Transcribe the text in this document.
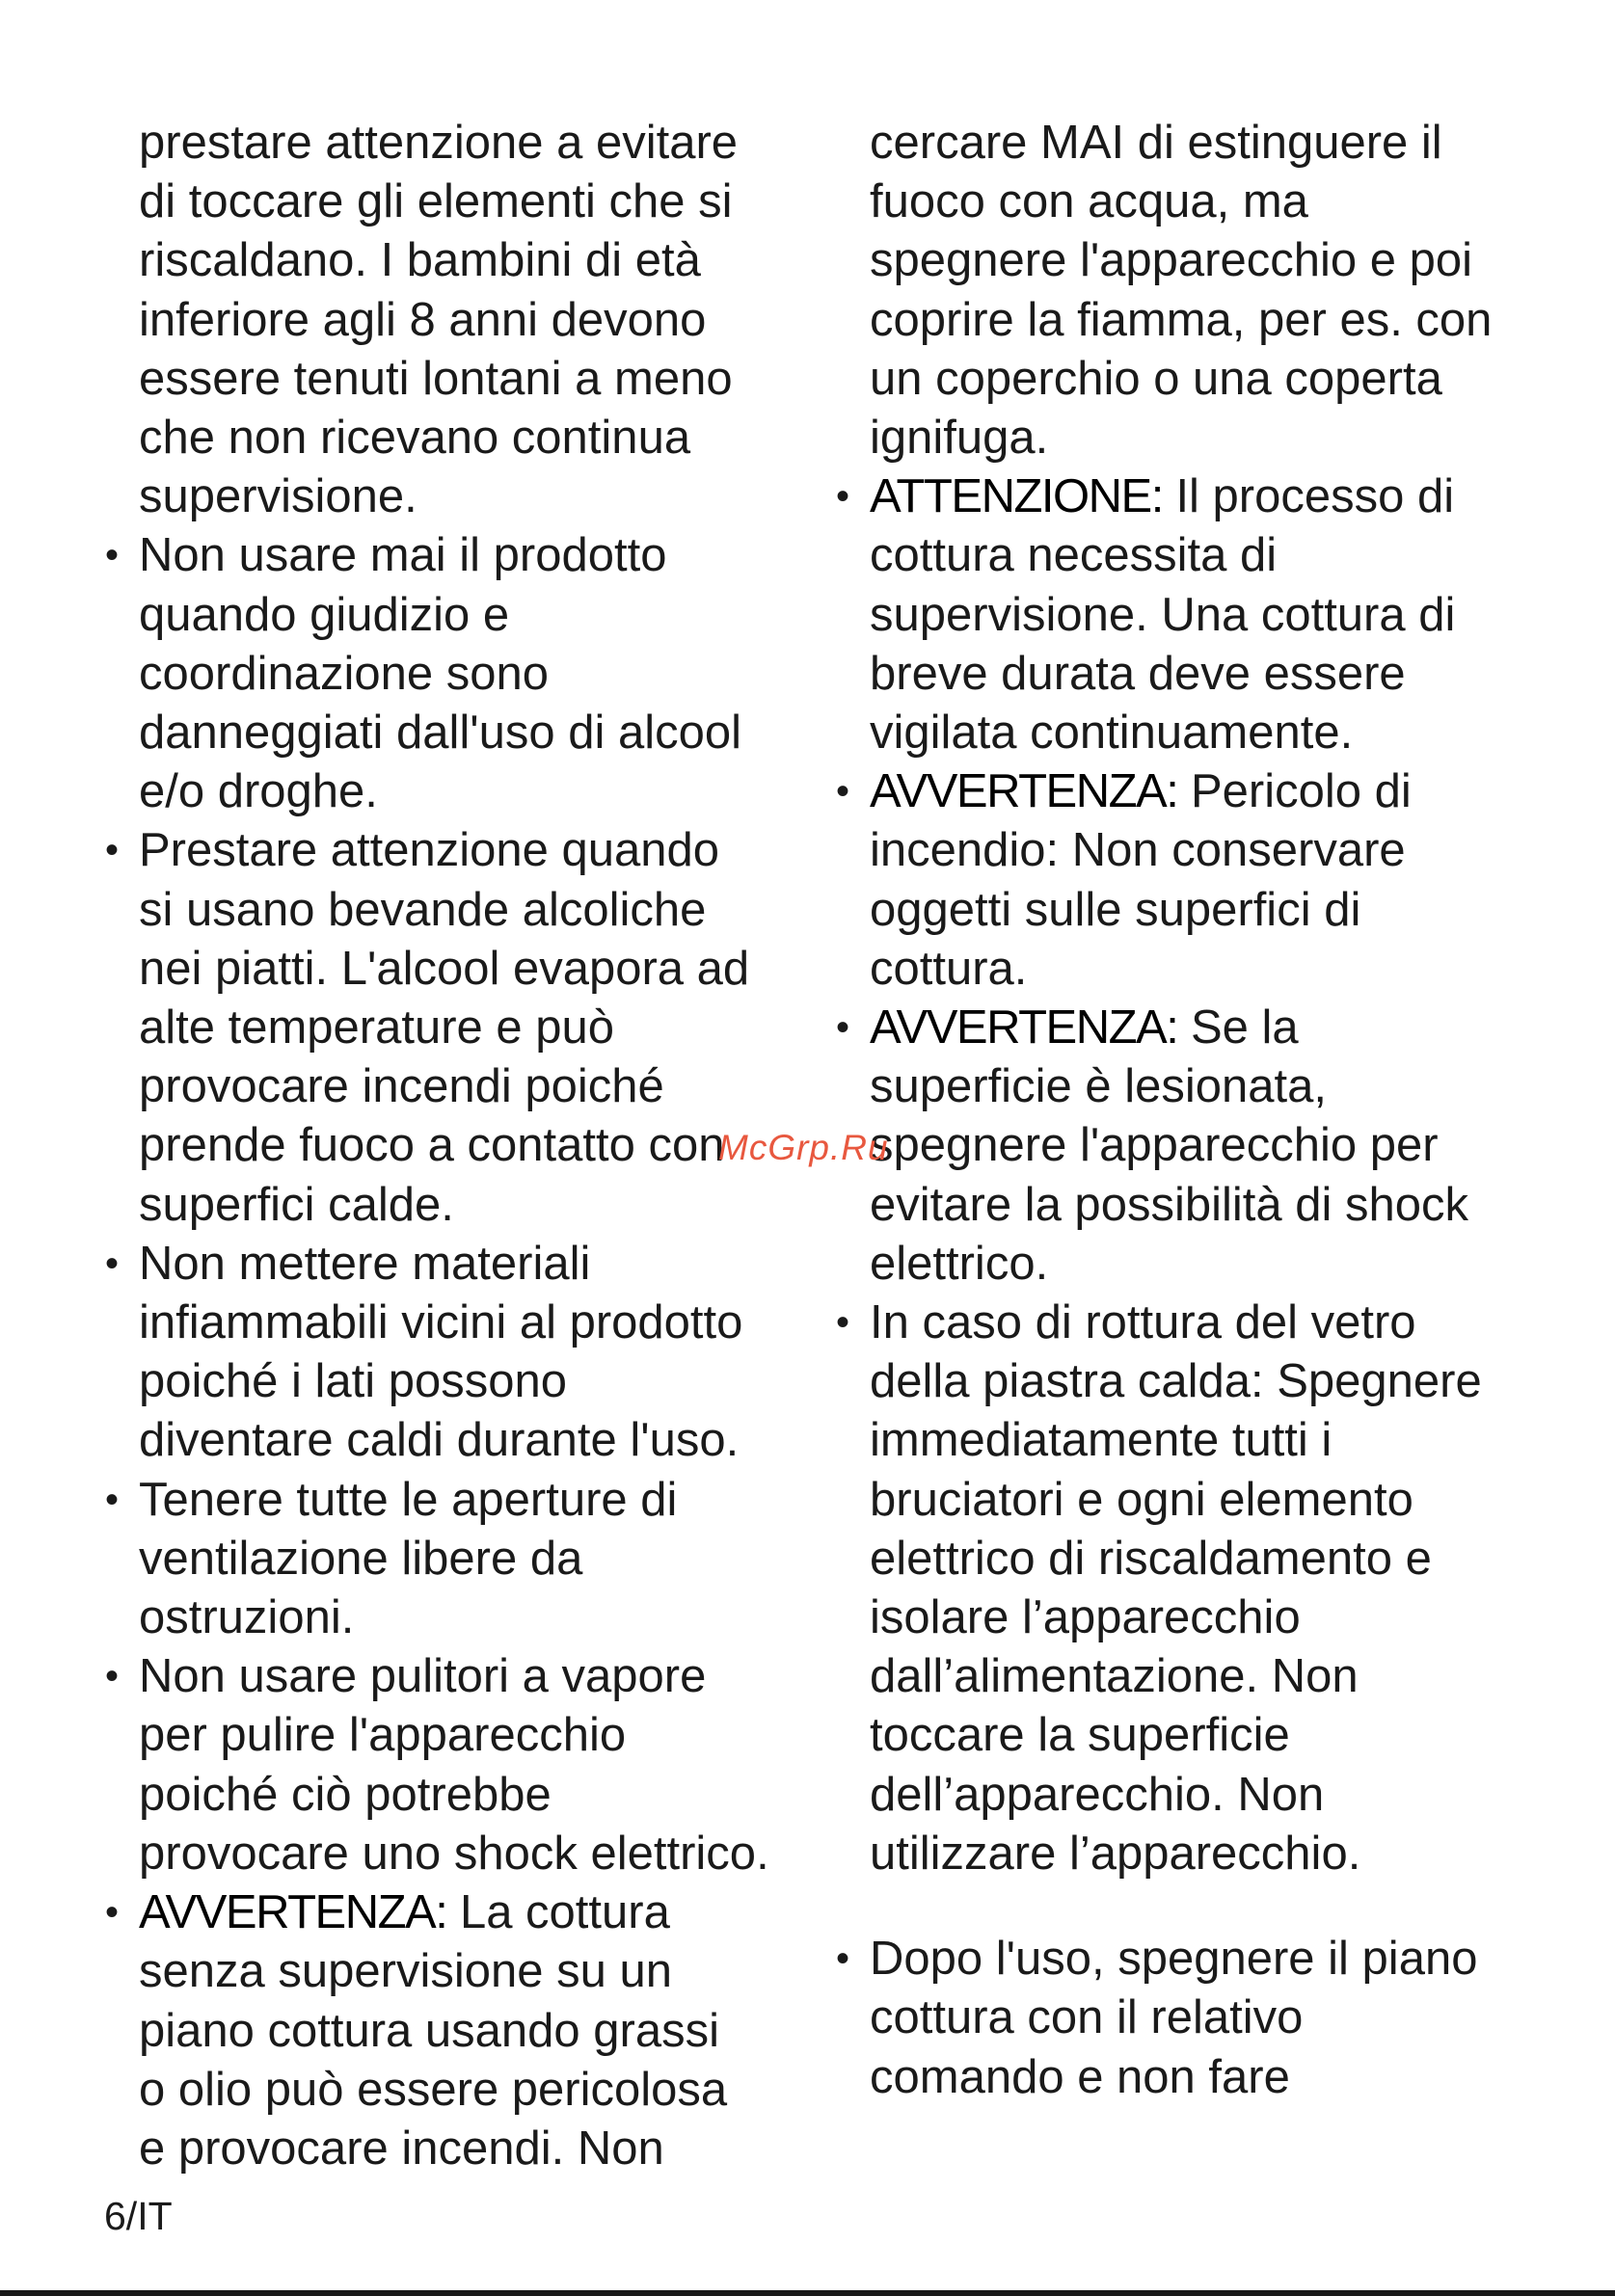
prestare attenzione a evitare
di toccare gli elementi che si
riscaldano. I bambini di età
inferiore agli 8 anni devono
essere tenuti lontani a meno
che non ricevano continua
supervisione.

• Non usare mai il prodotto
quando giudizio e
coordinazione sono
danneggiati dall'uso di alcool
e/o droghe.
• Prestare attenzione quando
si usano bevande alcoliche
nei piatti. L'alcool evapora ad
alte temperature e può
provocare incendi poiché
prende fuoco a contatto con
superfici calde.
• Non mettere materiali
infiammabili vicini al prodotto
poiché i lati possono
diventare caldi durante l'uso.
• Tenere tutte le aperture di
ventilazione libere da
ostruzioni.
• Non usare pulitori a vapore
per pulire l'apparecchio
poiché ciò potrebbe
provocare uno shock elettrico.
• AVVERTENZA: La cottura
senza supervisione su un
piano cottura usando grassi
o olio può essere pericolosa
e provocare incendi. Non

cercare MAI di estinguere il
fuoco con acqua, ma
spegnere l'apparecchio e poi
coprire la fiamma, per es. con
un coperchio o una coperta
ignifuga.

• ATTENZIONE: Il processo di
cottura necessita di
supervisione. Una cottura di
breve durata deve essere
vigilata continuamente.
• AVVERTENZA: Pericolo di
incendio: Non conservare
oggetti sulle superfici di
cottura.
• AVVERTENZA: Se la
superficie è lesionata,
spegnere l'apparecchio per
evitare la possibilità di shock
elettrico.
• In caso di rottura del vetro
della piastra calda: Spegnere
immediatamente tutti i
bruciatori e ogni elemento
elettrico di riscaldamento e
isolare l’apparecchio
dall’alimentazione. Non
toccare la superficie
dell’apparecchio. Non
utilizzare l’apparecchio.
• Dopo l'uso, spegnere il piano
cottura con il relativo
comando e non fare
McGrp.Ru
6/IT
